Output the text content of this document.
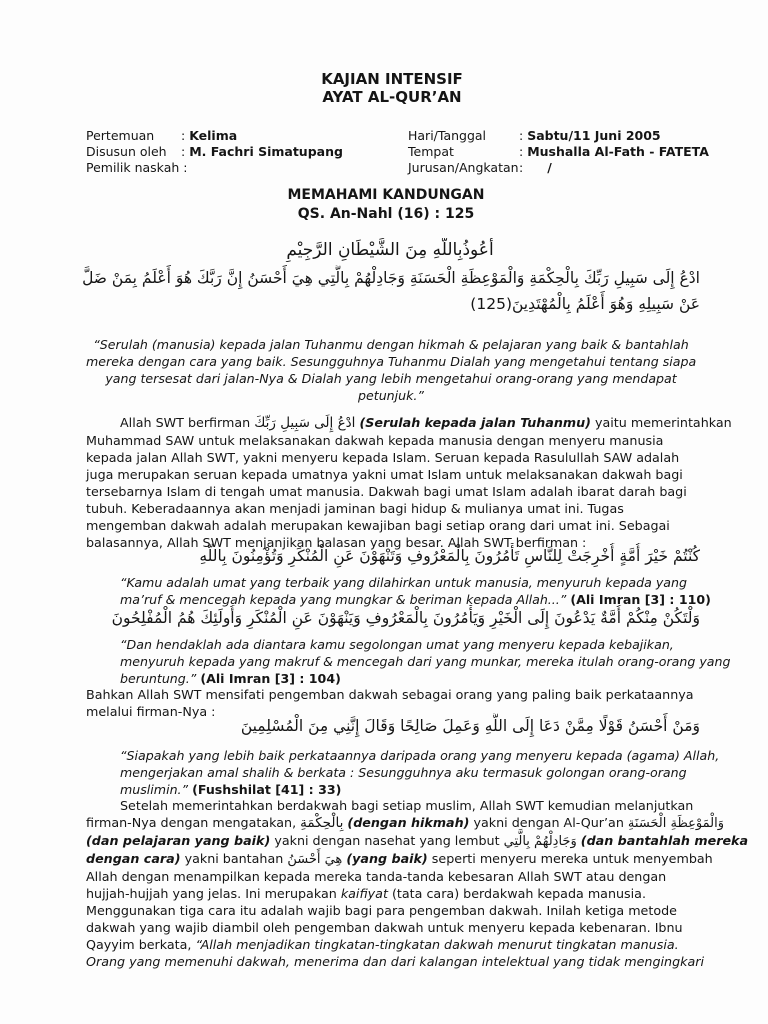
KAJIAN INTENSIF
AYAT AL-QUR’AN
Pertemuan : Kelima
Disusun oleh : M. Fachri Simatupang
Pemilik naskah :
Hari/Tanggal	: Sabtu/11 Juni 2005
Tempat	: Mushalla Al-Fath - FATETA
Jurusan/Angkatan: /
MEMAHAMI KANDUNGAN
QS. An-Nahl (16) : 125
أَعُوذُبِاللَّهِ مِنَ الشَّيْطَانِ الرَّجِيْمِ
ادْعُ إِلَى سَبِيلِ رَبِّكَ بِالْحِكْمَةِ وَالْمَوْعِظَةِ الْحَسَنَةِ وَجَادِلْهُمْ بِالَّتِي هِيَ أَحْسَنُ إِنَّ رَبَّكَ هُوَ أَعْلَمُ بِمَنْ ضَلَّ
عَنْ سَبِيلِهِ وَهُوَ أَعْلَمُ بِالْمُهْتَدِينَ(125)
“Serulah (manusia) kepada jalan Tuhanmu dengan hikmah & pelajaran yang baik & bantahlah
mereka dengan cara yang baik. Sesungguhnya Tuhanmu Dialah yang mengetahui tentang siapa
yang tersesat dari jalan-Nya & Dialah yang lebih mengetahui orang-orang yang mendapat
petunjuk.”
Allah SWT berfirman ادْعُ إِلَى سَبِيلِ رَبِّكَ (Serulah kepada jalan Tuhanmu) yaitu memerintahkan
Muhammad SAW untuk melaksanakan dakwah kepada manusia dengan menyeru manusia
kepada jalan Allah SWT, yakni menyeru kepada Islam. Seruan kepada Rasulullah SAW adalah
juga merupakan seruan kepada umatnya yakni umat Islam untuk melaksanakan dakwah bagi
tersebarnya Islam di tengah umat manusia. Dakwah bagi umat Islam adalah ibarat darah bagi
tubuh. Keberadaannya akan menjadi jaminan bagi hidup & mulianya umat ini. Tugas
mengemban dakwah adalah merupakan kewajiban bagi setiap orang dari umat ini. Sebagai
balasannya, Allah SWT menjanjikan balasan yang besar. Allah SWT berfirman :
كُنْتُمْ خَيْرَ أُمَّةٍ أُخْرِجَتْ لِلنَّاسِ تَأْمُرُونَ بِالْمَعْرُوفِ وَتَنْهَوْنَ عَنِ الْمُنْكَرِ وَتُؤْمِنُونَ بِاللَّهِ
“Kamu adalah umat yang terbaik yang dilahirkan untuk manusia, menyuruh kepada yang
ma’ruf & mencegah kepada yang mungkar & beriman kepada Allah...” (Ali Imran [3] : 110)
وَلْتَكُنْ مِنْكُمْ أُمَّةٌ يَدْعُونَ إِلَى الْخَيْرِ وَيَأْمُرُونَ بِالْمَعْرُوفِ وَيَنْهَوْنَ عَنِ الْمُنْكَرِ وَأُولَئِكَ هُمُ الْمُفْلِحُونَ
“Dan hendaklah ada diantara kamu segolongan umat yang menyeru kepada kebajikan,
menyuruh kepada yang makruf & mencegah dari yang munkar, mereka itulah orang-orang yang
beruntung.” (Ali Imran [3] : 104)
Bahkan Allah SWT mensifati pengemban dakwah sebagai orang yang paling baik perkataannya
melalui firman-Nya :
وَمَنْ أَحْسَنُ قَوْلًا مِمَّنْ دَعَا إِلَى اللَّهِ وَعَمِلَ صَالِحًا وَقَالَ إِنَّنِي مِنَ الْمُسْلِمِينَ
“Siapakah yang lebih baik perkataannya daripada orang yang menyeru kepada (agama) Allah,
mengerjakan amal shalih & berkata : Sesungguhnya aku termasuk golongan orang-orang
muslimin.” (Fushshilat [41] : 33)
Setelah memerintahkan berdakwah bagi setiap muslim, Allah SWT kemudian melanjutkan
firman-Nya dengan mengatakan, بِالْحِكْمَةِ (dengan hikmah) yakni dengan Al-Qur’an وَالْمَوْعِظَةِ الْحَسَنَةِ
(dan pelajaran yang baik) yakni dengan nasehat yang lembut وَجَادِلْهُمْ بِالَّتِي (dan bantahlah mereka
dengan cara) yakni bantahan هِيَ أَحْسَنُ (yang baik) seperti menyeru mereka untuk menyembah
Allah dengan menampilkan kepada mereka tanda-tanda kebesaran Allah SWT atau dengan
hujjah-hujjah yang jelas. Ini merupakan kaifiyat (tata cara) berdakwah kepada manusia.
Menggunakan tiga cara itu adalah wajib bagi para pengemban dakwah. Inilah ketiga metode
dakwah yang wajib diambil oleh pengemban dakwah untuk menyeru kepada kebenaran. Ibnu
Qayyim berkata, “Allah menjadikan tingkatan-tingkatan dakwah menurut tingkatan manusia.
Orang yang memenuhi dakwah, menerima dan dari kalangan intelektual yang tidak mengingkari
